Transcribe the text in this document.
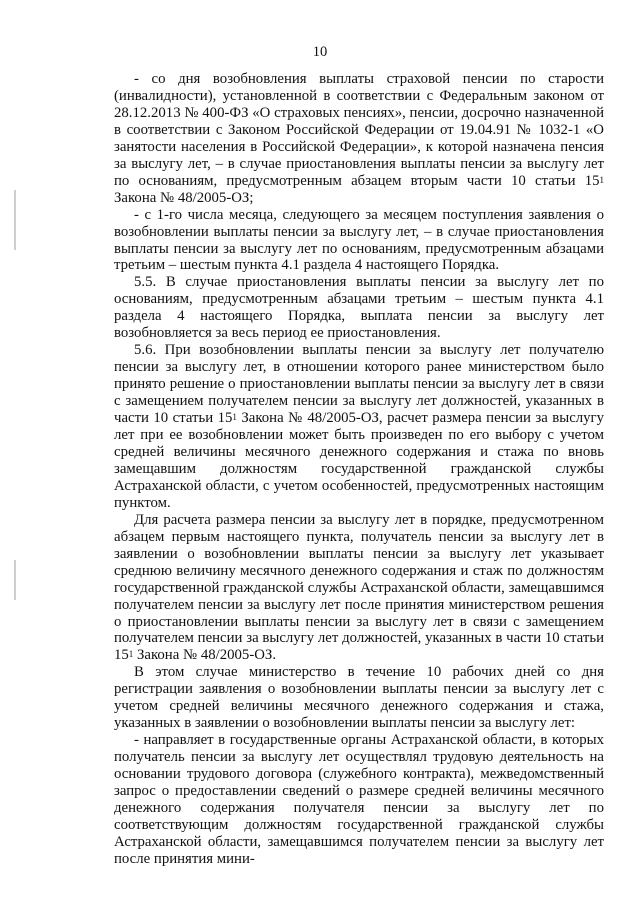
10

- со дня возобновления выплаты страховой пенсии по старости (инвалидности), установленной в соответствии с Федеральным законом от 28.12.2013 № 400-ФЗ «О страховых пенсиях», пенсии, досрочно назначенной в соответствии с Законом Российской Федерации от 19.04.91 № 1032-1 «О занятости населения в Российской Федерации», к которой назначена пенсия за выслугу лет, – в случае приостановления выплаты пенсии за выслугу лет по основаниям, предусмотренным абзацем вторым части 10 статьи $15^1$ Закона № 48/2005-ОЗ;

- с 1-го числа месяца, следующего за месяцем поступления заявления о возобновлении выплаты пенсии за выслугу лет, – в случае приостановления выплаты пенсии за выслугу лет по основаниям, предусмотренным абзацами третьим – шестым пункта 4.1 раздела 4 настоящего Порядка.

5.5. В случае приостановления выплаты пенсии за выслугу лет по основаниям, предусмотренным абзацами третьим – шестым пункта 4.1 раздела 4 настоящего Порядка, выплата пенсии за выслугу лет возобновляется за весь период ее приостановления.

5.6. При возобновлении выплаты пенсии за выслугу лет получателю пенсии за выслугу лет, в отношении которого ранее министерством было принято решение о приостановлении выплаты пенсии за выслугу лет в связи с замещением получателем пенсии за выслугу лет должностей, указанных в части 10 статьи $15^1$ Закона № 48/2005-ОЗ, расчет размера пенсии за выслугу лет при ее возобновлении может быть произведен по его выбору с учетом средней величины месячного денежного содержания и стажа по вновь замещавшим должностям государственной гражданской службы Астраханской области, с учетом особенностей, предусмотренных настоящим пунктом.

Для расчета размера пенсии за выслугу лет в порядке, предусмотренном абзацем первым настоящего пункта, получатель пенсии за выслугу лет в заявлении о возобновлении выплаты пенсии за выслугу лет указывает среднюю величину месячного денежного содержания и стаж по должностям государственной гражданской службы Астраханской области, замещавшимся получателем пенсии за выслугу лет после принятия министерством решения о приостановлении выплаты пенсии за выслугу лет в связи с замещением получателем пенсии за выслугу лет должностей, указанных в части 10 статьи $15^1$ Закона № 48/2005-ОЗ.

В этом случае министерство в течение 10 рабочих дней со дня регистрации заявления о возобновлении выплаты пенсии за выслугу лет с учетом средней величины месячного денежного содержания и стажа, указанных в заявлении о возобновлении выплаты пенсии за выслугу лет:

- направляет в государственные органы Астраханской области, в которых получатель пенсии за выслугу лет осуществлял трудовую деятельность на основании трудового договора (служебного контракта), межведомственный запрос о предоставлении сведений о размере средней величины месячного денежного содержания получателя пенсии за выслугу лет по соответствующим должностям государственной гражданской службы Астраханской области, замещавшимся получателем пенсии за выслугу лет после принятия мини-
